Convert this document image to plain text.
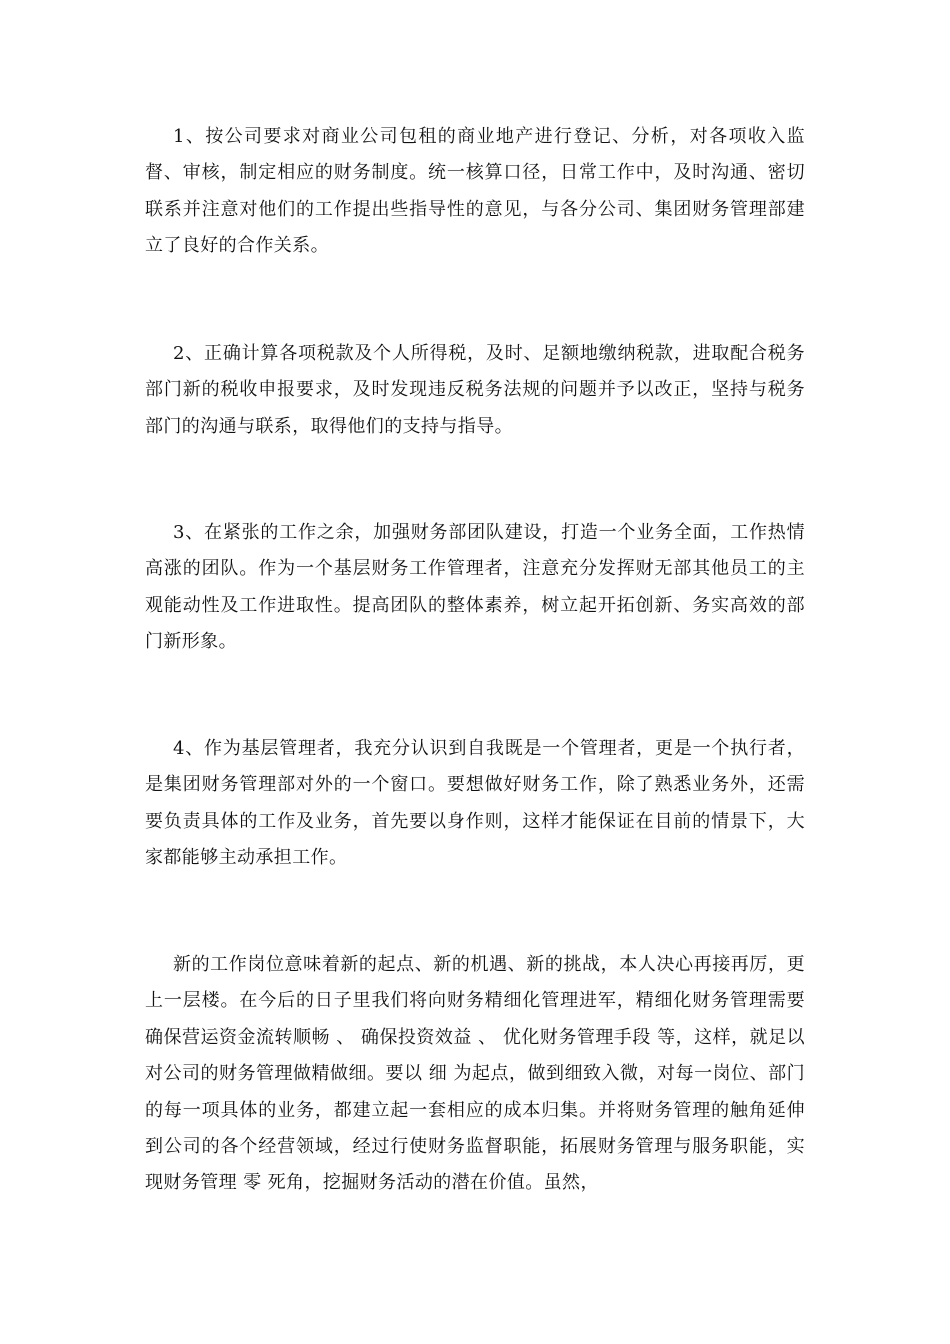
1、按公司要求对商业公司包租的商业地产进行登记、分析，对各项收入监督、审核，制定相应的财务制度。统一核算口径，日常工作中，及时沟通、密切联系并注意对他们的工作提出些指导性的意见，与各分公司、集团财务管理部建立了良好的合作关系。

2、正确计算各项税款及个人所得税，及时、足额地缴纳税款，进取配合税务部门新的税收申报要求，及时发现违反税务法规的问题并予以改正，坚持与税务部门的沟通与联系，取得他们的支持与指导。

3、在紧张的工作之余，加强财务部团队建设，打造一个业务全面，工作热情高涨的团队。作为一个基层财务工作管理者，注意充分发挥财无部其他员工的主观能动性及工作进取性。提高团队的整体素养，树立起开拓创新、务实高效的部门新形象。

4、作为基层管理者，我充分认识到自我既是一个管理者，更是一个执行者，是集团财务管理部对外的一个窗口。要想做好财务工作，除了熟悉业务外，还需要负责具体的工作及业务，首先要以身作则，这样才能保证在目前的情景下，大家都能够主动承担工作。

新的工作岗位意味着新的起点、新的机遇、新的挑战，本人决心再接再厉，更上一层楼。在今后的日子里我们将向财务精细化管理进军，精细化财务管理需要 确保营运资金流转顺畅 、 确保投资效益 、 优化财务管理手段 等，这样，就足以对公司的财务管理做精做细。要以 细 为起点，做到细致入微，对每一岗位、部门的每一项具体的业务，都建立起一套相应的成本归集。并将财务管理的触角延伸到公司的各个经营领域，经过行使财务监督职能，拓展财务管理与服务职能，实现财务管理 零 死角，挖掘财务活动的潜在价值。虽然，
